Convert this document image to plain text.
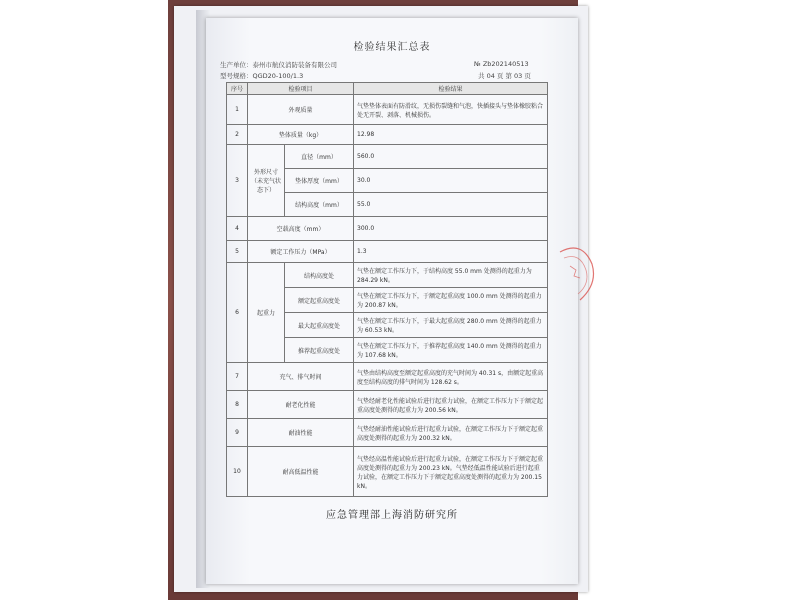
检验结果汇总表
生产单位：泰州市航仪消防装备有限公司	№ Zb202140513
型号规格：QGD20-100/1.3	共 04 页 第 03 页
序号	检验项目		检验结果
1	外观质量		气垫垫体表面有防滑纹，无损伤裂缝和气泡，快插接头与垫体橡胶粘合处无开裂、剥落、机械损伤。
2	垫体质量（kg）		12.98
3	外形尺寸（未充气状态下）	直径（mm）	560.0
		垫体厚度（mm）	30.0
		结构高度（mm）	55.0
4	空载高度（mm）		300.0
5	额定工作压力（MPa）		1.3
6	起重力	结构高度处	气垫在额定工作压力下，于结构高度 55.0 mm 处测得的起重力为 284.29 kN。
		额定起重高度处	气垫在额定工作压力下，于额定起重高度 100.0 mm 处测得的起重力为 200.87 kN。
		最大起重高度处	气垫在额定工作压力下，于最大起重高度 280.0 mm 处测得的起重力为 60.53 kN。
		推荐起重高度处	气垫在额定工作压力下，于推荐起重高度 140.0 mm 处测得的起重力为 107.68 kN。
7	充气、排气时间		气垫由结构高度至额定起重高度的充气时间为 40.31 s，由额定起重高度至结构高度的排气时间为 128.62 s。
8	耐老化性能		气垫经耐老化性能试验后进行起重力试验，在额定工作压力下于额定起重高度处测得的起重力为 200.56 kN。
9	耐油性能		气垫经耐油性能试验后进行起重力试验，在额定工作压力下于额定起重高度处测得的起重力为 200.32 kN。
10	耐高低温性能		气垫经高温性能试验后进行起重力试验，在额定工作压力下于额定起重高度处测得的起重力为 200.23 kN。气垫经低温性能试验后进行起重力试验，在额定工作压力下于额定起重高度处测得的起重力为 200.15 kN。
应急管理部上海消防研究所
